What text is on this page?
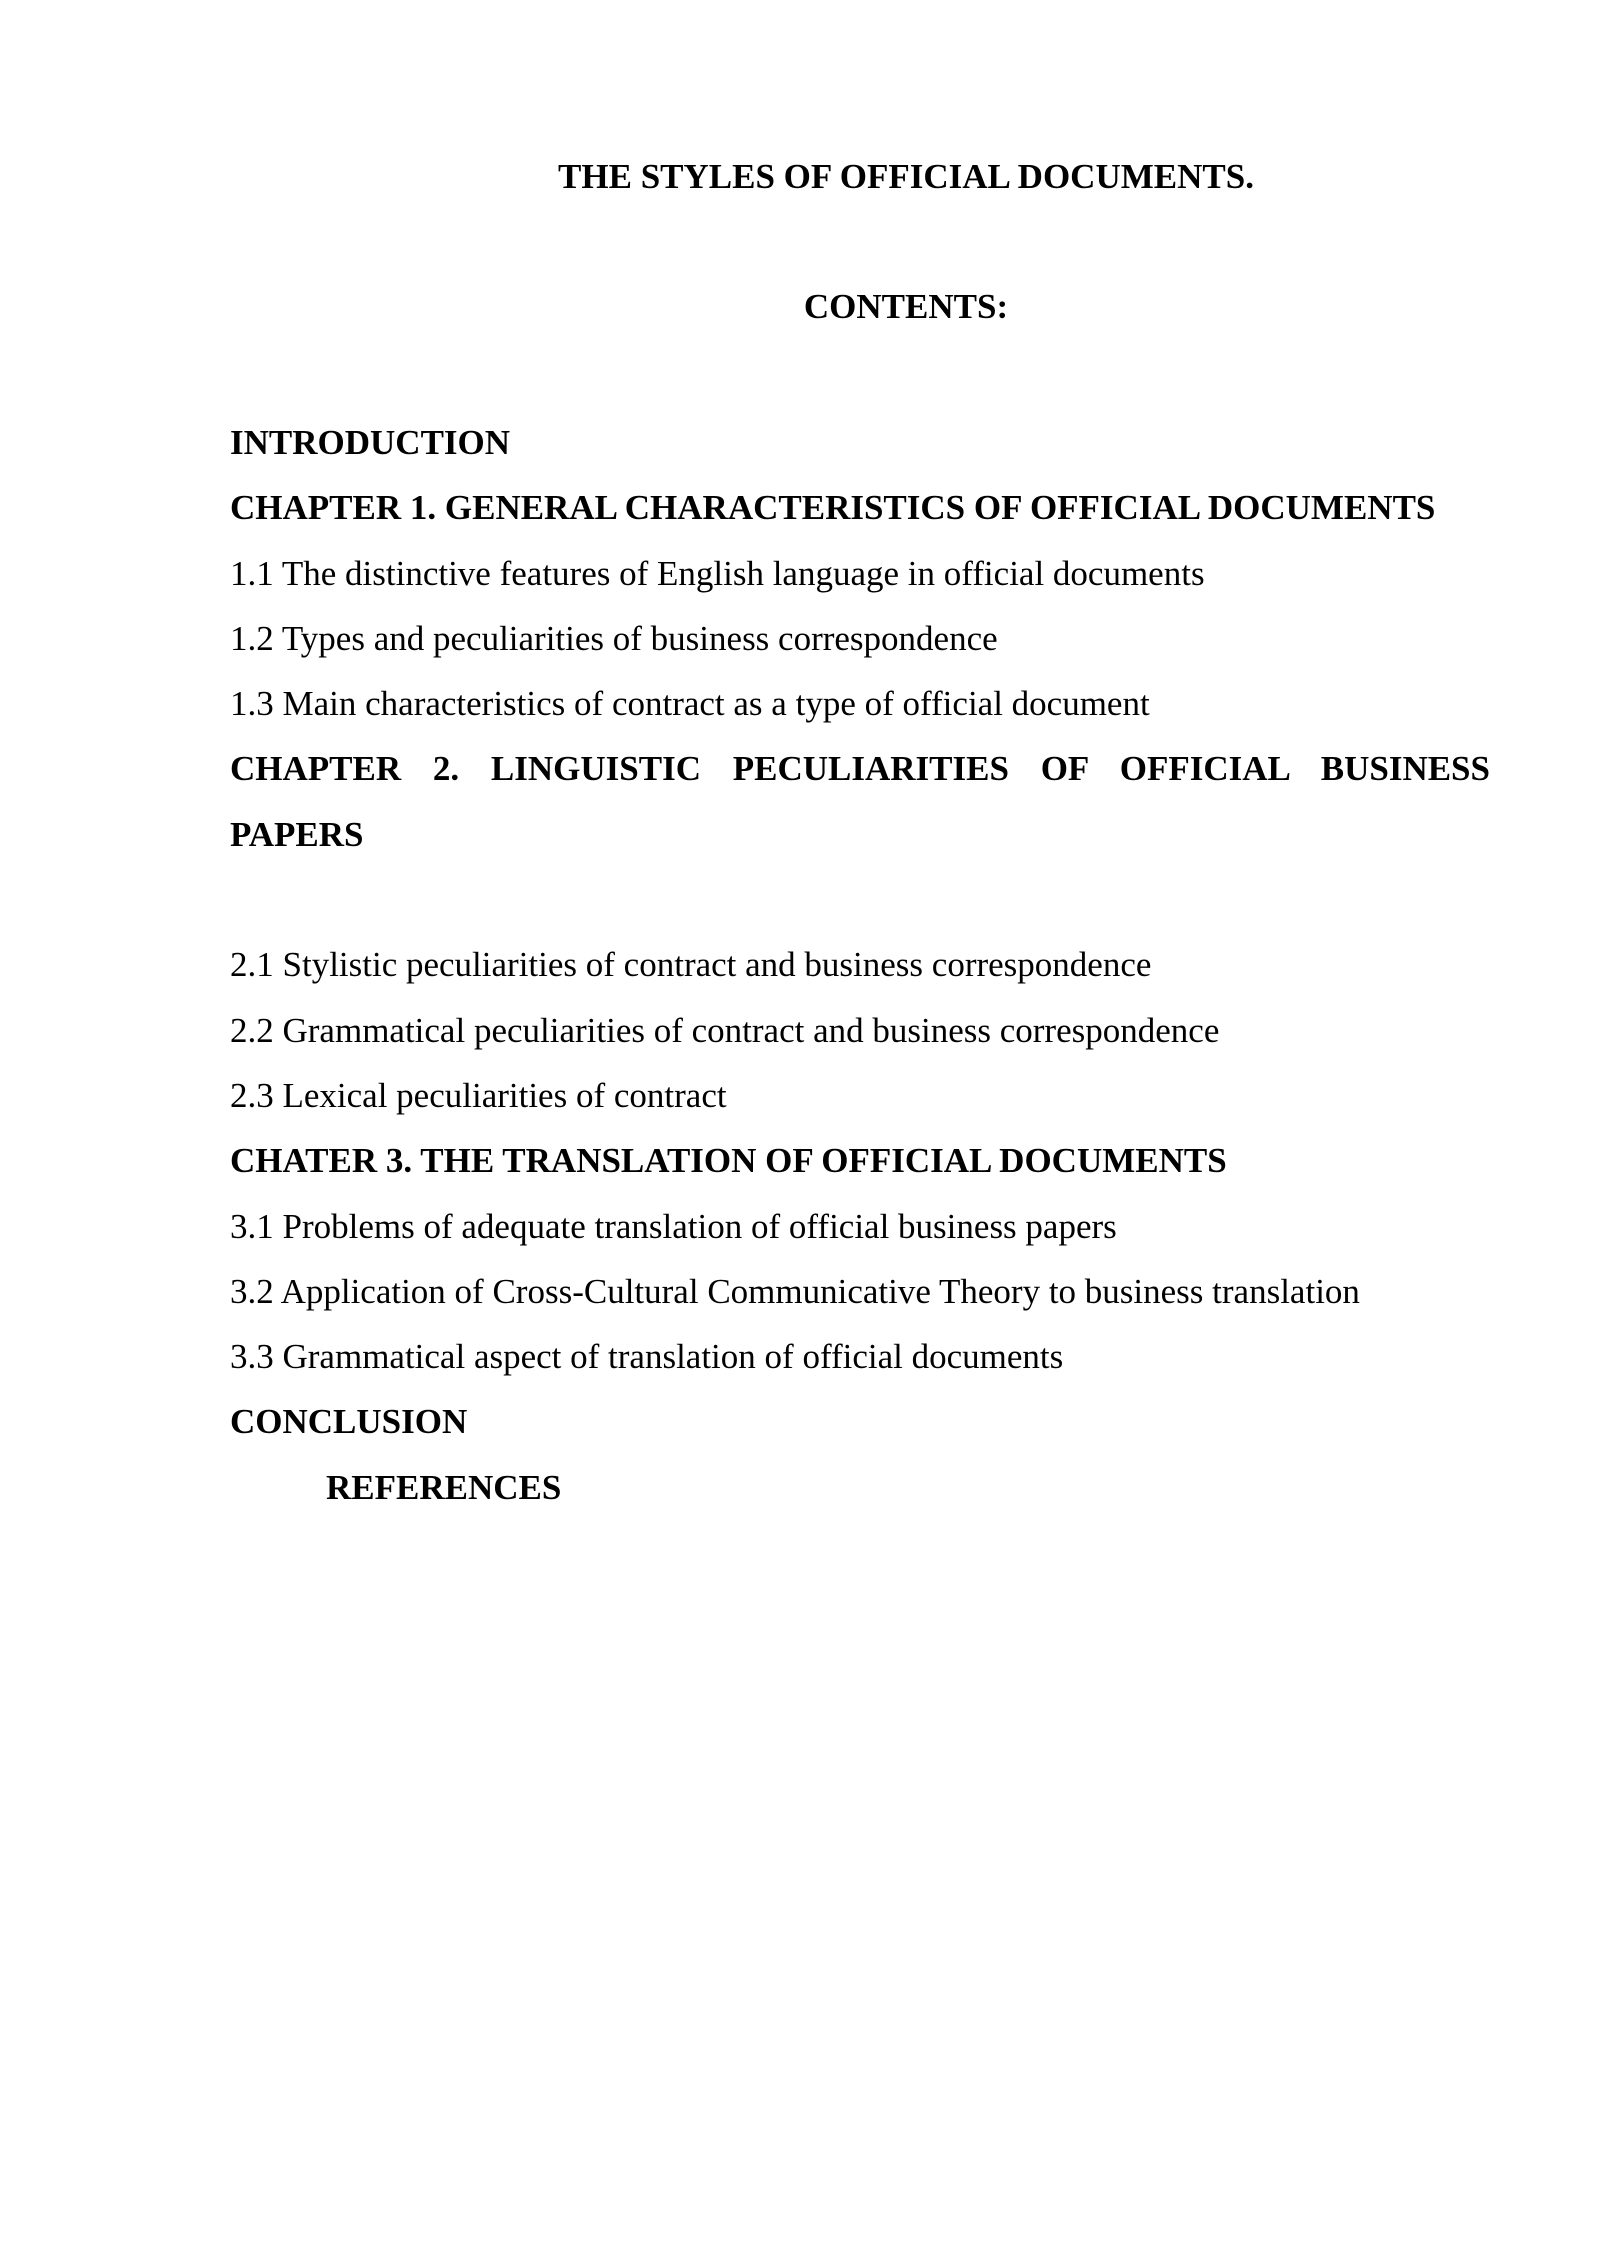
THE STYLES OF OFFICIAL DOCUMENTS.
CONTENTS:
INTRODUCTION
CHAPTER 1. GENERAL CHARACTERISTICS OF OFFICIAL DOCUMENTS
1.1 The distinctive features of English language in official documents
1.2 Types and peculiarities of business correspondence
1.3 Main characteristics of contract as a type of official document
CHAPTER 2. LINGUISTIC PECULIARITIES OF OFFICIAL BUSINESS PAPERS
2.1 Stylistic peculiarities of contract and business correspondence
2.2 Grammatical peculiarities of contract and business correspondence
2.3 Lexical peculiarities of contract
CHATER 3. THE TRANSLATION OF OFFICIAL DOCUMENTS
3.1 Problems of adequate translation of official business papers
3.2 Application of Cross-Cultural Communicative Theory to business translation
3.3 Grammatical aspect of translation of official documents
CONCLUSION
REFERENCES
